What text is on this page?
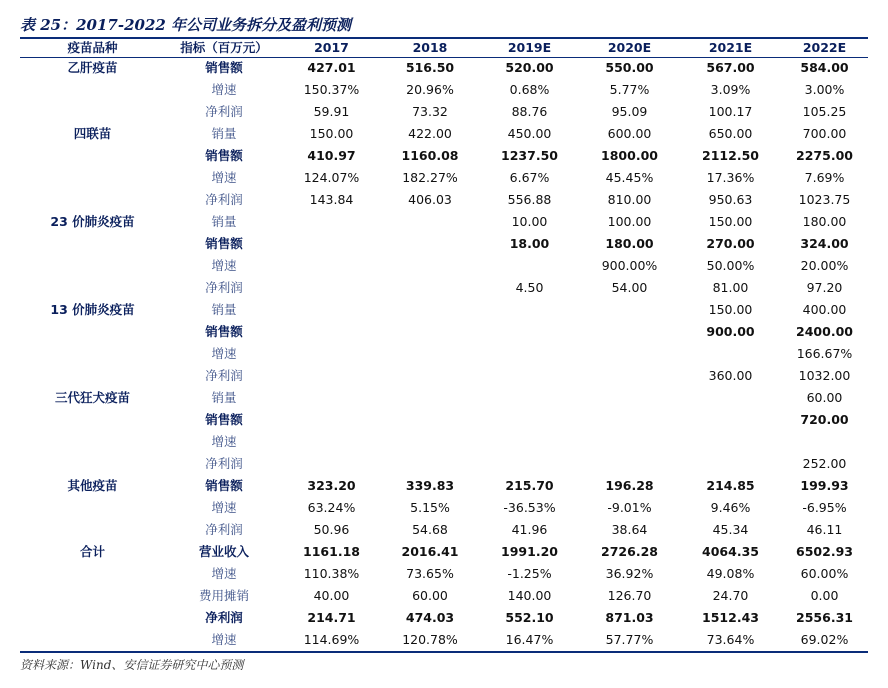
表 25：2017-2022 年公司业务拆分及盈利预测
疫苗品种	指标（百万元）	2017	2018	2019E	2020E	2021E	2022E
乙肝疫苗	销售额	427.01	516.50	520.00	550.00	567.00	584.00
	增速	150.37%	20.96%	0.68%	5.77%	3.09%	3.00%
	净利润	59.91	73.32	88.76	95.09	100.17	105.25
四联苗	销量	150.00	422.00	450.00	600.00	650.00	700.00
	销售额	410.97	1160.08	1237.50	1800.00	2112.50	2275.00
	增速	124.07%	182.27%	6.67%	45.45%	17.36%	7.69%
	净利润	143.84	406.03	556.88	810.00	950.63	1023.75
23 价肺炎疫苗	销量			10.00	100.00	150.00	180.00
	销售额			18.00	180.00	270.00	324.00
	增速				900.00%	50.00%	20.00%
	净利润			4.50	54.00	81.00	97.20
13 价肺炎疫苗	销量					150.00	400.00
	销售额					900.00	2400.00
	增速						166.67%
	净利润					360.00	1032.00
三代狂犬疫苗	销量						60.00
	销售额						720.00
	增速						
	净利润						252.00
其他疫苗	销售额	323.20	339.83	215.70	196.28	214.85	199.93
	增速	63.24%	5.15%	-36.53%	-9.01%	9.46%	-6.95%
	净利润	50.96	54.68	41.96	38.64	45.34	46.11
合计	营业收入	1161.18	2016.41	1991.20	2726.28	4064.35	6502.93
	增速	110.38%	73.65%	-1.25%	36.92%	49.08%	60.00%
	费用摊销	40.00	60.00	140.00	126.70	24.70	0.00
	净利润	214.71	474.03	552.10	871.03	1512.43	2556.31
	增速	114.69%	120.78%	16.47%	57.77%	73.64%	69.02%
资料来源：Wind、安信证券研究中心预测
